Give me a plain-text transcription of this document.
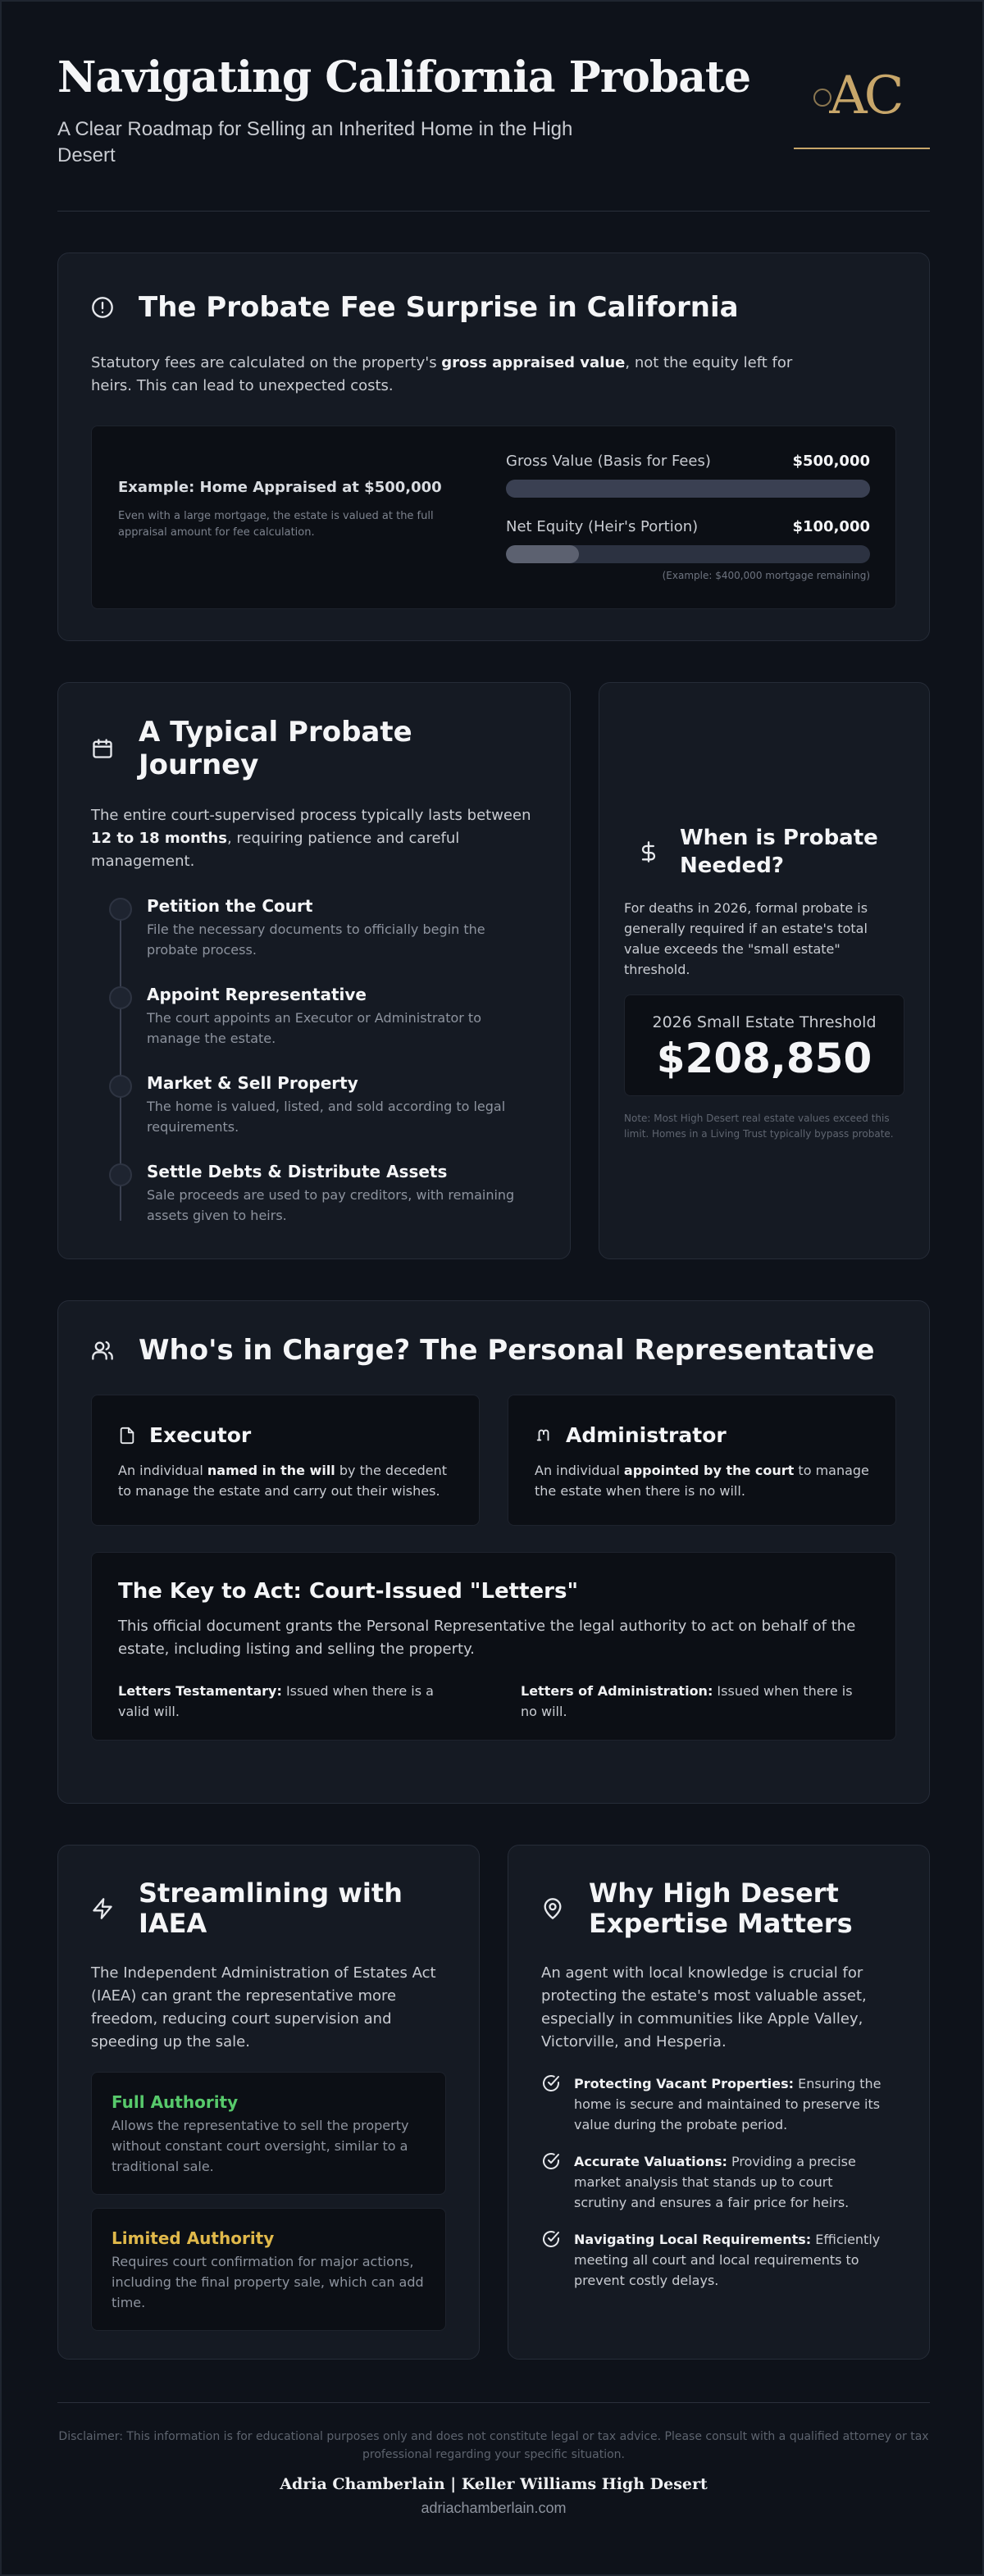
Navigating California Probate
A Clear Roadmap for Selling an Inherited Home in the High Desert
AC
The Probate Fee Surprise in California

Statutory fees are calculated on the property's gross appraised value, not the equity left for heirs. This can lead to unexpected costs.

Example: Home Appraised at $500,000
Even with a large mortgage, the estate is valued at the full appraisal amount for fee calculation.
Gross Value (Basis for Fees)	$500,000
Net Equity (Heir's Portion)	$100,000
(Example: $400,000 mortgage remaining)
A Typical Probate Journey

The entire court-supervised process typically lasts between 12 to 18 months, requiring patience and careful management.

Petition the Court
File the necessary documents to officially begin the probate process.
Appoint Representative
The court appoints an Executor or Administrator to manage the estate.
Market & Sell Property
The home is valued, listed, and sold according to legal requirements.
Settle Debts & Distribute Assets
Sale proceeds are used to pay creditors, with remaining assets given to heirs.
When is Probate Needed?

For deaths in 2026, formal probate is generally required if an estate's total value exceeds the "small estate" threshold.

2026 Small Estate Threshold
$208,850

Note: Most High Desert real estate values exceed this limit. Homes in a Living Trust typically bypass probate.

Who's in Charge? The Personal Representative
Executor

An individual named in the will by the decedent to manage the estate and carry out their wishes.

Administrator

An individual appointed by the court to manage the estate when there is no will.

The Key to Act: Court-Issued "Letters"

This official document grants the Personal Representative the legal authority to act on behalf of the estate, including listing and selling the property.

Letters Testamentary: Issued when there is a valid will.
Letters of Administration: Issued when there is no will.
Streamlining with IAEA

The Independent Administration of Estates Act (IAEA) can grant the representative more freedom, reducing court supervision and speeding up the sale.

Full Authority
Allows the representative to sell the property without constant court oversight, similar to a traditional sale.
Limited Authority
Requires court confirmation for major actions, including the final property sale, which can add time.
Why High Desert Expertise Matters

An agent with local knowledge is crucial for protecting the estate's most valuable asset, especially in communities like Apple Valley, Victorville, and Hesperia.

Protecting Vacant Properties: Ensuring the home is secure and maintained to preserve its value during the probate period.

Accurate Valuations: Providing a precise market analysis that stands up to court scrutiny and ensures a fair price for heirs.

Navigating Local Requirements: Efficiently meeting all court and local requirements to prevent costly delays.

Disclaimer: This information is for educational purposes only and does not constitute legal or tax advice. Please consult with a qualified attorney or tax professional regarding your specific situation.

Adria Chamberlain | Keller Williams High Desert
adriachamberlain.com
